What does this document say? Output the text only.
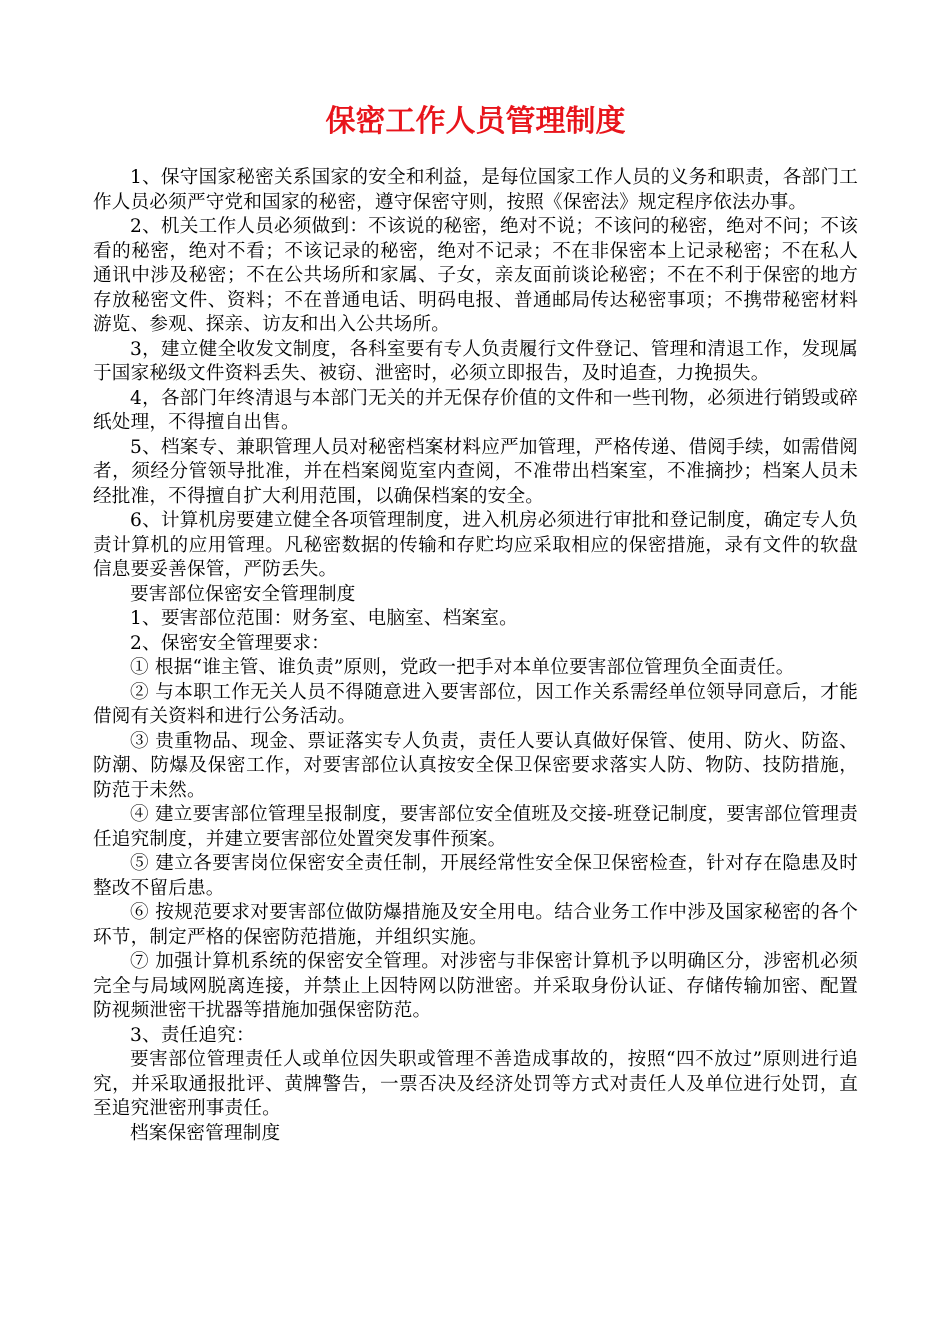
保密工作人员管理制度

1、保守国家秘密关系国家的安全和利益，是每位国家工作人员的义务和职责，各部门工作人员必须严守党和国家的秘密，遵守保密守则，按照《保密法》规定程序依法办事。

2、机关工作人员必须做到：不该说的秘密，绝对不说；不该问的秘密，绝对不问；不该看的秘密，绝对不看；不该记录的秘密，绝对不记录；不在非保密本上记录秘密；不在私人通讯中涉及秘密；不在公共场所和家属、子女，亲友面前谈论秘密；不在不利于保密的地方存放秘密文件、资料；不在普通电话、明码电报、普通邮局传达秘密事项；不携带秘密材料游览、参观、探亲、访友和出入公共场所。

3，建立健全收发文制度，各科室要有专人负责履行文件登记、管理和清退工作，发现属于国家秘级文件资料丢失、被窃、泄密时，必须立即报告，及时追查，力挽损失。

4，各部门年终清退与本部门无关的并无保存价值的文件和一些刊物，必须进行销毁或碎纸处理，不得擅自出售。

5、档案专、兼职管理人员对秘密档案材料应严加管理，严格传递、借阅手续，如需借阅者，须经分管领导批准，并在档案阅览室内查阅，不准带出档案室，不准摘抄；档案人员未经批准，不得擅自扩大利用范围，以确保档案的安全。

6、计算机房要建立健全各项管理制度，进入机房必须进行审批和登记制度，确定专人负责计算机的应用管理。凡秘密数据的传输和存贮均应采取相应的保密措施，录有文件的软盘信息要妥善保管，严防丢失。

要害部位保密安全管理制度

1、要害部位范围：财务室、电脑室、档案室。

2、保密安全管理要求：

① 根据“谁主管、谁负责”原则，党政一把手对本单位要害部位管理负全面责任。

② 与本职工作无关人员不得随意进入要害部位，因工作关系需经单位领导同意后，才能借阅有关资料和进行公务活动。

③ 贵重物品、现金、票证落实专人负责，责任人要认真做好保管、使用、防火、防盗、防潮、防爆及保密工作，对要害部位认真按安全保卫保密要求落实人防、物防、技防措施，防范于未然。

④ 建立要害部位管理呈报制度，要害部位安全值班及交接-班登记制度，要害部位管理责任追究制度，并建立要害部位处置突发事件预案。

⑤ 建立各要害岗位保密安全责任制，开展经常性安全保卫保密检查，针对存在隐患及时整改不留后患。

⑥ 按规范要求对要害部位做防爆措施及安全用电。结合业务工作中涉及国家秘密的各个环节，制定严格的保密防范措施，并组织实施。

⑦ 加强计算机系统的保密安全管理。对涉密与非保密计算机予以明确区分，涉密机必须完全与局域网脱离连接，并禁止上因特网以防泄密。并采取身份认证、存储传输加密、配置防视频泄密干扰器等措施加强保密防范。

3、责任追究：

要害部位管理责任人或单位因失职或管理不善造成事故的，按照“四不放过”原则进行追究，并采取通报批评、黄牌警告，一票否决及经济处罚等方式对责任人及单位进行处罚，直至追究泄密刑事责任。

档案保密管理制度
